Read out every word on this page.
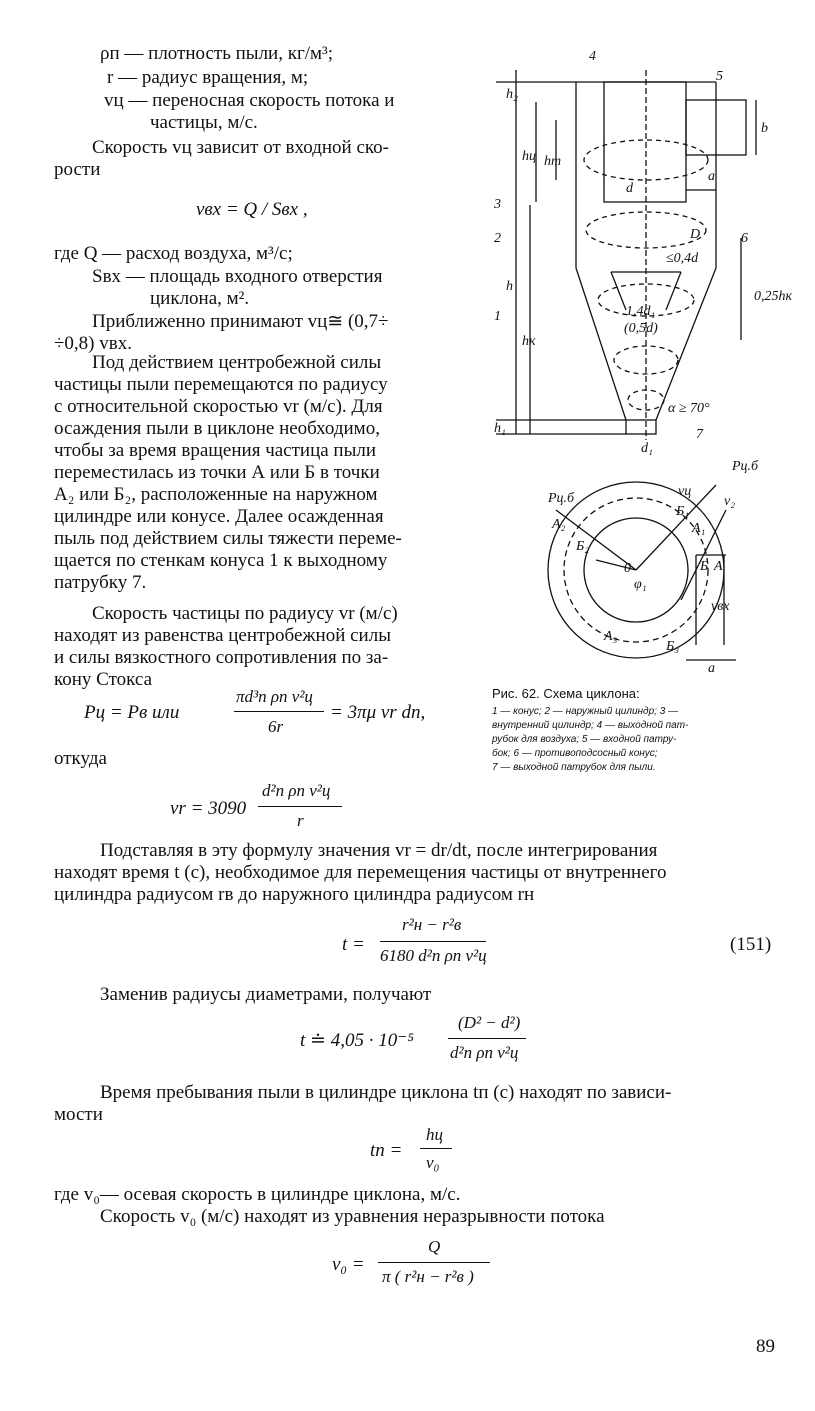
ρп — плотность пыли, кг/м³;
r — радиус вращения, м;
vц — переносная скорость потока и
частицы, м/с.
Скорость vц зависит от входной ско-
рости
vвх = Q / Sвх ,
где Q — расход воздуха, м³/с;
Sвх — площадь входного отверстия
циклона, м².
Приближенно принимают vц≅ (0,7÷
÷0,8) vвх.
Под действием центробежной силы
частицы пыли перемещаются по радиусу
с относительной скоростью vr (м/с). Для
осаждения пыли в циклоне необходимо,
чтобы за время вращения частица пыли
переместилась из точки А или Б в точки
А₂ или Б₂, расположенные на наружном
цилиндре или конусе. Далее осажденная
пыль под действием силы тяжести переме-
щается по стенкам конуса 1 к выходному
патрубку 7.
Скорость частицы по радиусу vr (м/с)
находят из равенства центробежной силы
и силы вязкостного сопротивления по за-
кону Стокса
Pц = Pв или
πd³п ρп v²ц
6r
= 3πμ vr dп,
откуда
vr = 3090
d²п ρп v²ц
r
Подставляя в эту формулу значения vr = dr/dt, после интегрирования
находят время t (с), необходимое для перемещения частицы от внутреннего
цилиндра радиусом rв до наружного цилиндра радиусом rн
t =
r²н − r²в
6180 d²п ρп v²ц
(151)
Заменив радиусы диаметрами, получают
t ≐ 4,05 · 10⁻⁵
(D² − d²)
d²п ρп v²ц
Время пребывания пыли в цилиндре циклона tп (с) находят по зависи-
мости
tп =
hц
v₀
где v₀— осевая скорость в цилиндре циклона, м/с.
Скорость v₀ (м/с) находят из уравнения неразрывности потока
v₀ =
Q
π ( r²н − r²в )
89
4
5
3
2	6
1
7
h₂
hц hт
h
hк
h₁
b
a
D
d
d₁
≤0,4d
1,4d₁
(0,5d)
0,25hк
α ≥ 70°
Pц.б
Pц.б
vц
v₂
А₂
Б₂
Б₁
А₁
0
φ₁
Б А
vвх
А₃
Б₃
a
Рис. 62. Схема циклона:
1 — конус; 2 — наружный цилиндр; 3 —
внутренний цилиндр; 4 — выходной пат-
рубок для воздуха; 5 — входной патру-
бок; 6 — противоподсосный конус;
7 — выходной патрубок для пыли.
